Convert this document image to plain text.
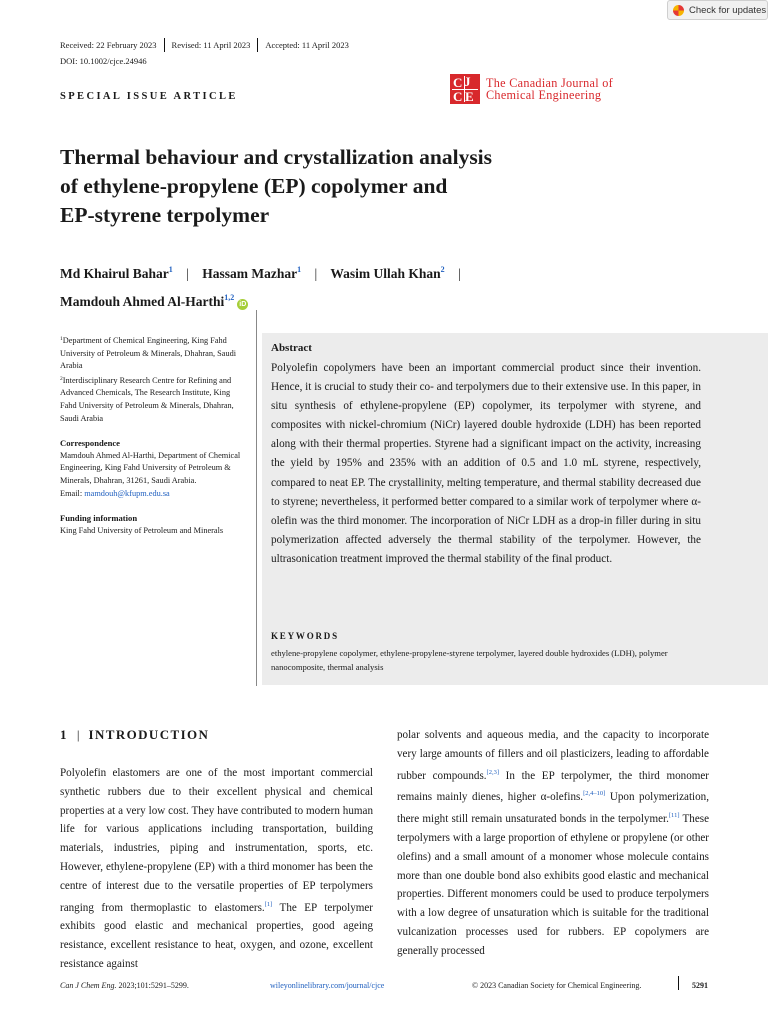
Check for updates
Received: 22 February 2023 Revised: 11 April 2023 Accepted: 11 April 2023
DOI: 10.1002/cjce.24946
SPECIAL ISSUE ARTICLE
C J
C E
The Canadian Journal of
Chemical Engineering
Thermal behaviour and crystallization analysis
of ethylene-propylene (EP) copolymer and
EP-styrene terpolymer
Md Khairul Bahar$^1$ | Hassam Mazhar$^1$ | Wasim Ullah Khan$^2$ |
Mamdouh Ahmed Al-Harthi$^{1,2}$iD

$^1$Department of Chemical Engineering, King Fahd University of Petroleum & Minerals, Dhahran, Saudi Arabia

$^2$Interdisciplinary Research Centre for Refining and Advanced Chemicals, The Research Institute, King Fahd University of Petroleum & Minerals, Dhahran, Saudi Arabia

Correspondence

Mamdouh Ahmed Al-Harthi, Department of Chemical Engineering, King Fahd University of Petroleum & Minerals, Dhahran, 31261, Saudi Arabia.
Email: mamdouh@kfupm.edu.sa

Funding information

King Fahd University of Petroleum and Minerals

Abstract

Polyolefin copolymers have been an important commercial product since their invention. Hence, it is crucial to study their co- and terpolymers due to their extensive use. In this paper, in situ synthesis of ethylene-propylene (EP) copolymer, its terpolymer with styrene, and composites with nickel-chromium (NiCr) layered double hydroxide (LDH) has been reported along with their thermal properties. Styrene had a significant impact on the activity, increasing the yield by 195% and 235% with an addition of 0.5 and 1.0 mL styrene, respectively, compared to neat EP. The crystallinity, melting temperature, and thermal stability decreased due to styrene; nevertheless, it performed better compared to a similar work of terpolymer where α-olefin was the third monomer. The incorporation of NiCr LDH as a drop-in filler during in situ polymerization affected adversely the thermal stability of the terpolymer. However, the ultrasonication treatment improved the thermal stability of the final product.

KEYWORDS

ethylene-propylene copolymer, ethylene-propylene-styrene terpolymer, layered double hydroxides (LDH), polymer nanocomposite, thermal analysis

1 | INTRODUCTION

Polyolefin elastomers are one of the most important commercial synthetic rubbers due to their excellent physical and chemical properties at a very low cost. They have contributed to modern human life for various applications including transportation, building materials, industries, piping and instrumentation, sports, etc. However, ethylene-propylene (EP) with a third monomer has been the centre of interest due to the versatile properties of EP terpolymers ranging from thermoplastic to elastomers.[1] The EP terpolymer exhibits good elastic and mechanical properties, good ageing resistance, excellent resistance to heat, oxygen, and ozone, excellent resistance against

polar solvents and aqueous media, and the capacity to incorporate very large amounts of fillers and oil plasticizers, leading to affordable rubber compounds.[2,3] In the EP terpolymer, the third monomer remains mainly dienes, higher α-olefins.[2,4–10] Upon polymerization, there might still remain unsaturated bonds in the terpolymer.[11] These terpolymers with a large proportion of ethylene or propylene (or other olefins) and a small amount of a monomer whose molecule contains more than one double bond also exhibits good elastic and mechanical properties. Different monomers could be used to produce terpolymers with a low degree of unsaturation which is suitable for the traditional vulcanization processes used for rubbers. EP copolymers are generally processed

Can J Chem Eng. 2023;101:5291–5299.	wileyonlinelibrary.com/journal/cjce	© 2023 Canadian Society for Chemical Engineering.	5291
